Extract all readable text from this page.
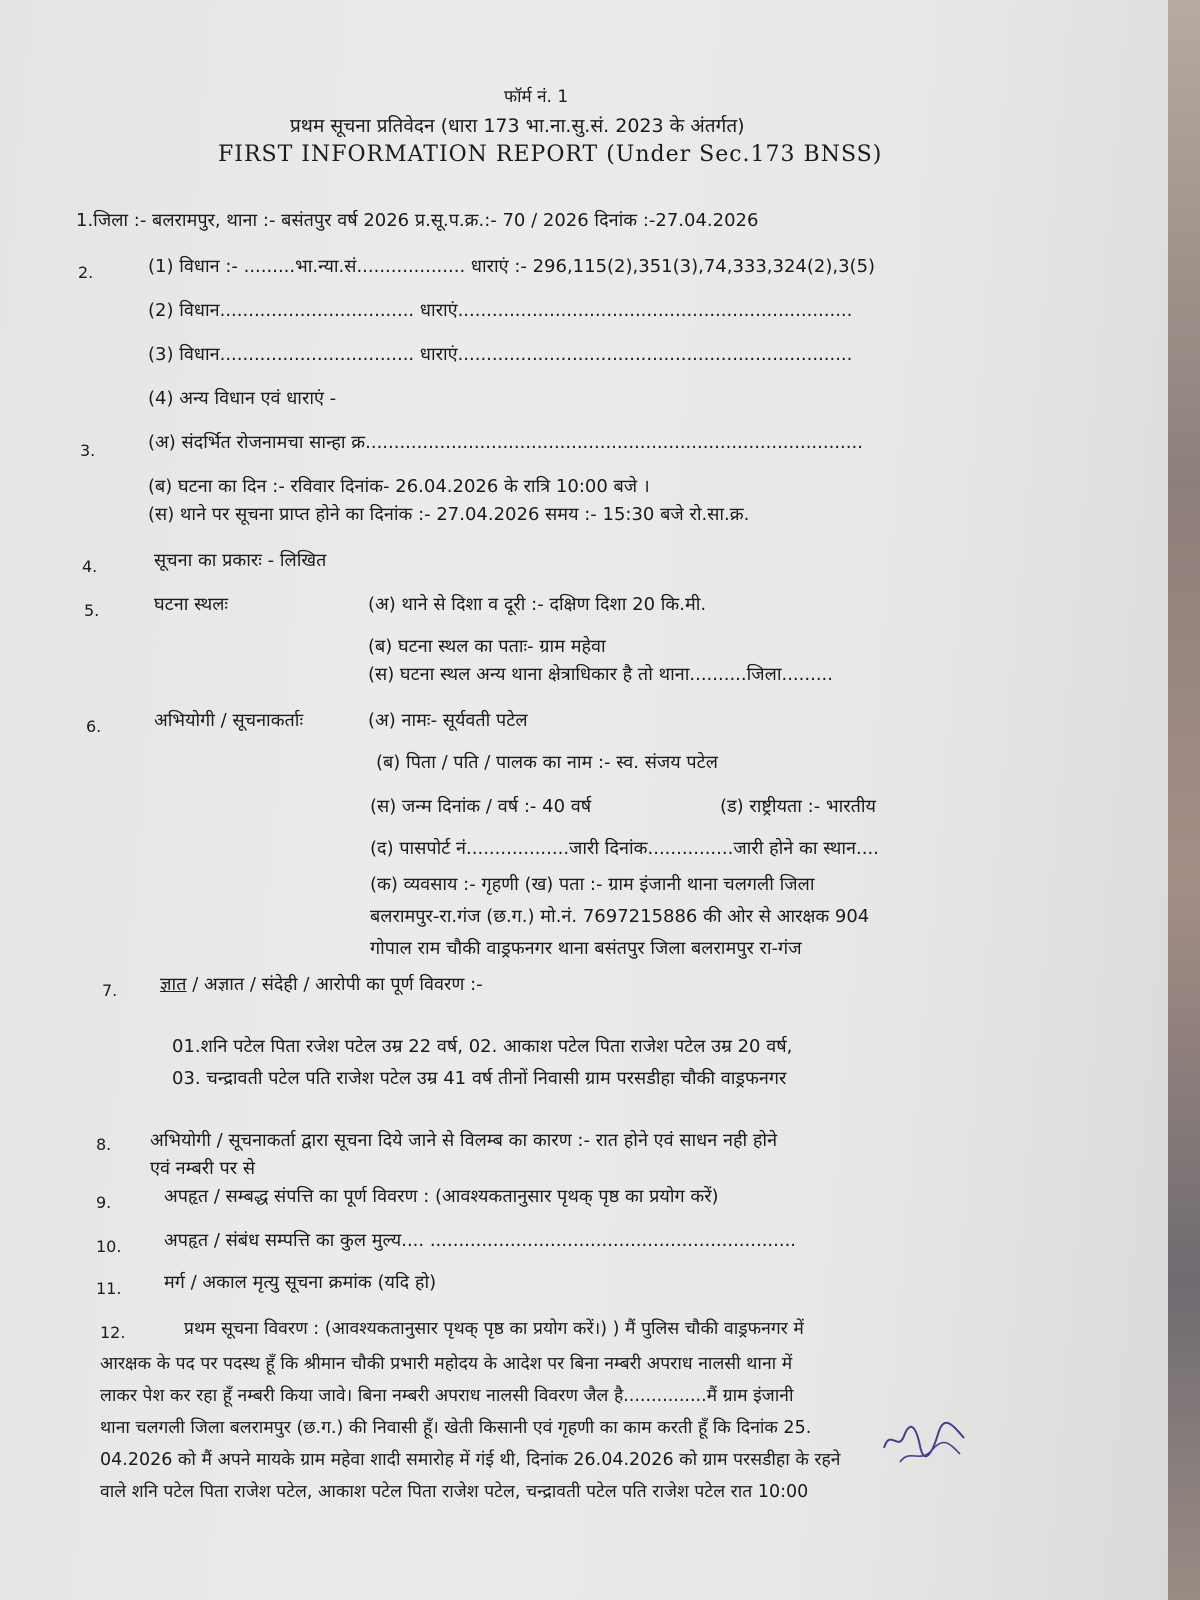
फॉर्म नं. 1
प्रथम सूचना प्रतिवेदन (धारा 173 भा.ना.सु.सं. 2023 के अंतर्गत)
FIRST INFORMATION REPORT (Under Sec.173 BNSS)
1.जिला :- बलरामपुर, थाना :- बसंतपुर वर्ष 2026 प्र.सू.प.क्र.:- 70 / 2026 दिनांक :-27.04.2026
2.	(1) विधान :- .........भा.न्या.सं................... धाराएं :- 296,115(2),351(3),74,333,324(2),3(5)
(2) विधान.................................. धाराएं.....................................................................
(3) विधान.................................. धाराएं.....................................................................
(4) अन्य विधान एवं धाराएं -
3.	(अ) संदर्भित रोजनामचा सान्हा क्र.......................................................................................
(ब) घटना का दिन :- रविवार दिनांक- 26.04.2026 के रात्रि 10:00 बजे ।
(स) थाने पर सूचना प्राप्त होने का दिनांक :- 27.04.2026 समय :- 15:30 बजे रो.सा.क्र.
4.	सूचना का प्रकारः - लिखित
5.	घटना स्थलः	(अ) थाने से दिशा व दूरी :- दक्षिण दिशा 20 कि.मी.
(ब) घटना स्थल का पताः- ग्राम महेवा
(स) घटना स्थल अन्य थाना क्षेत्राधिकार है तो थाना..........जिला.........
6.	अभियोगी / सूचनाकर्ताः	(अ) नामः- सूर्यवती पटेल
(ब) पिता / पति / पालक का नाम :- स्व. संजय पटेल
(स) जन्म दिनांक / वर्ष :- 40 वर्ष	(ड) राष्ट्रीयता :- भारतीय
(द) पासपोर्ट नं..................जारी दिनांक...............जारी होने का स्थान....
(क) व्यवसाय :- गृहणी (ख) पता :- ग्राम इंजानी थाना चलगली जिला
बलरामपुर-रा.गंज (छ.ग.) मो.नं. 7697215886 की ओर से आरक्षक 904
गोपाल राम चौकी वाड्रफनगर थाना बसंतपुर जिला बलरामपुर रा-गंज
7. ज्ञात / अज्ञात / संदेही / आरोपी का पूर्ण विवरण :-
01.शनि पटेल पिता रजेश पटेल उम्र 22 वर्ष, 02. आकाश पटेल पिता राजेश पटेल उम्र 20 वर्ष,
03. चन्द्रावती पटेल पति राजेश पटेल उम्र 41 वर्ष तीनों निवासी ग्राम परसडीहा चौकी वाड्रफनगर
8. अभियोगी / सूचनाकर्ता द्वारा सूचना दिये जाने से विलम्ब का कारण :- रात होने एवं साधन नही होने
एवं नम्बरी पर से
9.	अपहृत / सम्बद्ध संपत्ति का पूर्ण विवरण : (आवश्यकतानुसार पृथक् पृष्ठ का प्रयोग करें)
10. अपहृत / संबंध सम्पत्ति का कुल मुल्य.... ................................................................
11. मर्ग / अकाल मृत्यु सूचना क्रमांक (यदि हो)
12.	प्रथम सूचना विवरण : (आवश्यकतानुसार पृथक् पृष्ठ का प्रयोग करें।) ) मैं पुलिस चौकी वाड्रफनगर में
आरक्षक के पद पर पदस्थ हूँ कि श्रीमान चौकी प्रभारी महोदय के आदेश पर बिना नम्बरी अपराध नालसी थाना में
लाकर पेश कर रहा हूँ नम्बरी किया जावे। बिना नम्बरी अपराध नालसी विवरण जैल है...............मैं ग्राम इंजानी
थाना चलगली जिला बलरामपुर (छ.ग.) की निवासी हूँ। खेती किसानी एवं गृहणी का काम करती हूँ कि दिनांक 25.
04.2026 को मैं अपने मायके ग्राम महेवा शादी समारोह में गंई थी, दिनांक 26.04.2026 को ग्राम परसडीहा के रहने
वाले शनि पटेल पिता राजेश पटेल, आकाश पटेल पिता राजेश पटेल, चन्द्रावती पटेल पति राजेश पटेल रात 10:00
